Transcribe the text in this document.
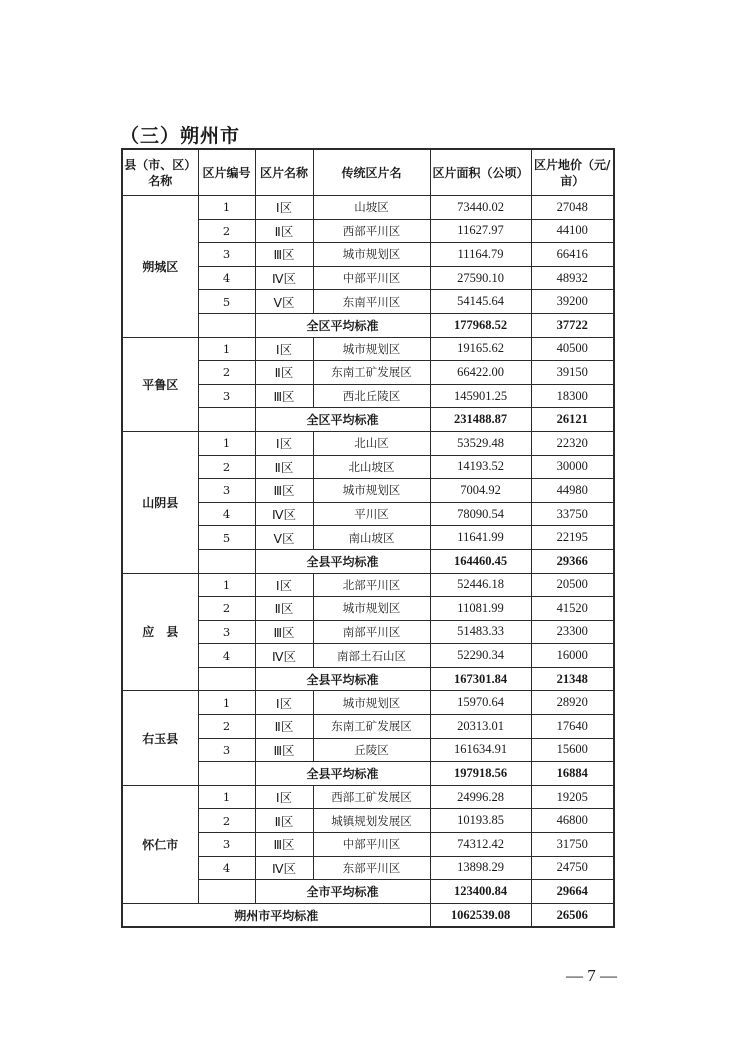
（三）朔州市
县（市、区）名称	区片编号	区片名称	传统区片名	区片面积（公顷）	区片地价（元/亩）
朔城区	1	Ⅰ区	山坡区	73440.02	27048
	2	Ⅱ区	西部平川区	11627.97	44100
	3	Ⅲ区	城市规划区	11164.79	66416
	4	Ⅳ区	中部平川区	27590.10	48932
	5	Ⅴ区	东南平川区	54145.64	39200
		全区平均标准		177968.52	37722
平鲁区	1	Ⅰ区	城市规划区	19165.62	40500
	2	Ⅱ区	东南工矿发展区	66422.00	39150
	3	Ⅲ区	西北丘陵区	145901.25	18300
		全区平均标准		231488.87	26121
山阴县	1	Ⅰ区	北山区	53529.48	22320
	2	Ⅱ区	北山坡区	14193.52	30000
	3	Ⅲ区	城市规划区	7004.92	44980
	4	Ⅳ区	平川区	78090.54	33750
	5	Ⅴ区	南山坡区	11641.99	22195
		全县平均标准		164460.45	29366
应　县	1	Ⅰ区	北部平川区	52446.18	20500
	2	Ⅱ区	城市规划区	11081.99	41520
	3	Ⅲ区	南部平川区	51483.33	23300
	4	Ⅳ区	南部土石山区	52290.34	16000
		全县平均标准		167301.84	21348
右玉县	1	Ⅰ区	城市规划区	15970.64	28920
	2	Ⅱ区	东南工矿发展区	20313.01	17640
	3	Ⅲ区	丘陵区	161634.91	15600
		全县平均标准		197918.56	16884
怀仁市	1	Ⅰ区	西部工矿发展区	24996.28	19205
	2	Ⅱ区	城镇规划发展区	10193.85	46800
	3	Ⅲ区	中部平川区	74312.42	31750
	4	Ⅳ区	东部平川区	13898.29	24750
		全市平均标准		123400.84	29664
朔州市平均标准				1062539.08	26506
— 7 —
